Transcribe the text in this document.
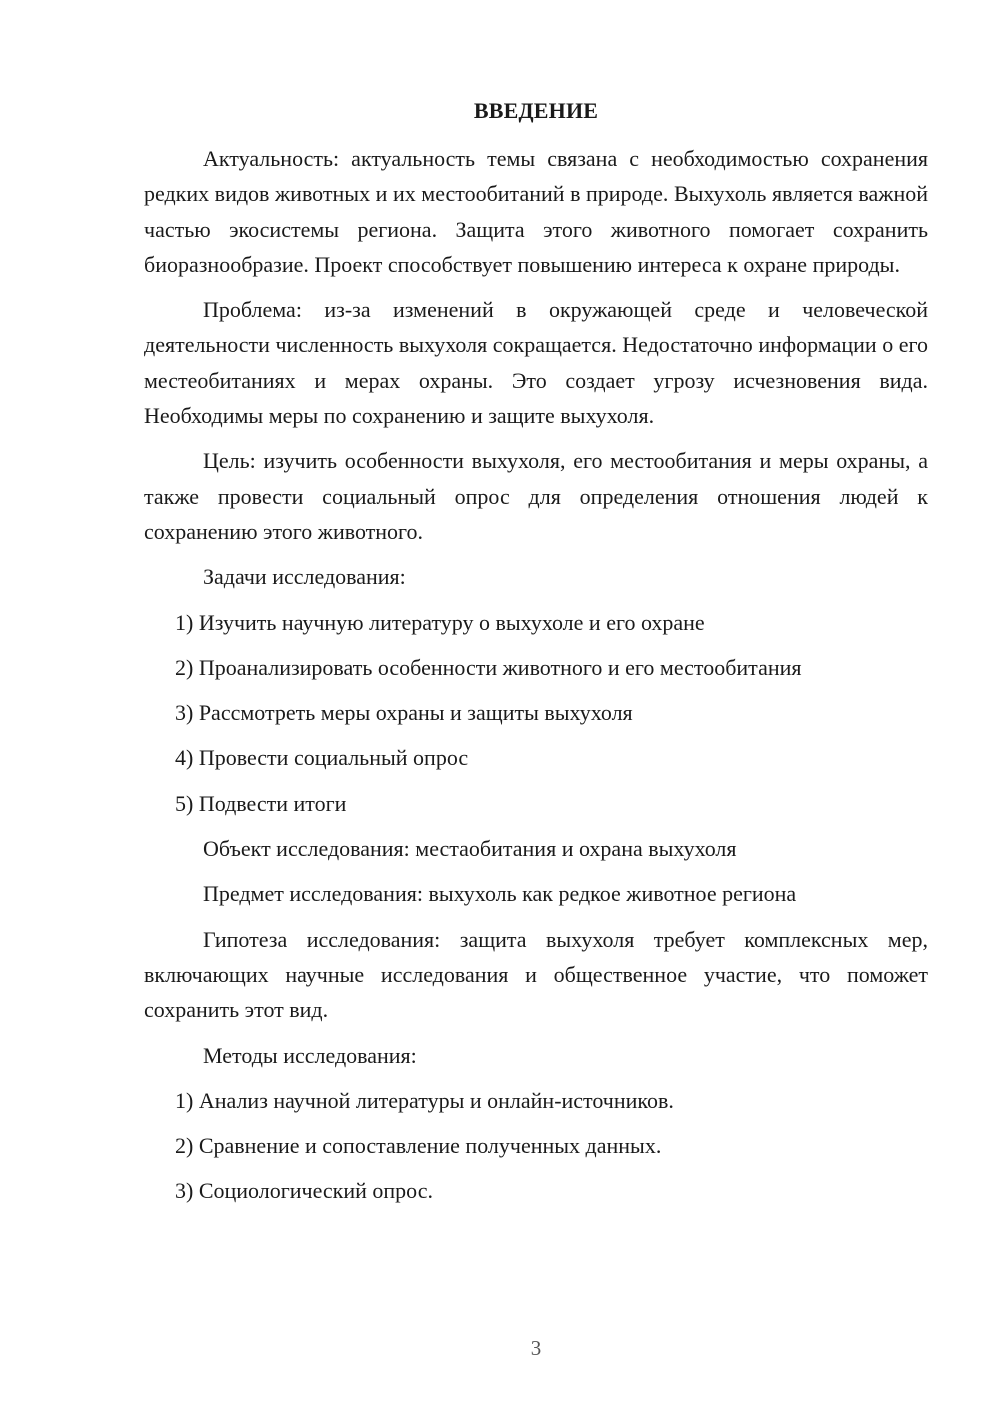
ВВЕДЕНИЕ

Актуальность: актуальность темы связана с необходимостью сохранения редких видов животных и их местообитаний в природе. Выхухоль является важной частью экосистемы региона. Защита этого животного помогает сохранить биоразнообразие. Проект способствует повышению интереса к охране природы.

Проблема: из-за изменений в окружающей среде и человеческой деятельности численность выхухоля сокращается. Недостаточно информации о его местеобитаниях и мерах охраны. Это создает угрозу исчезновения вида. Необходимы меры по сохранению и защите выхухоля.

Цель: изучить особенности выхухоля, его местообитания и меры охраны, а также провести социальный опрос для определения отношения людей к сохранению этого животного.

Задачи исследования:
1) Изучить научную литературу о выхухоле и его охране
2) Проанализировать особенности животного и его местообитания
3) Рассмотреть меры охраны и защиты выхухоля
4) Провести социальный опрос
5) Подвести итоги
Объект исследования: местаобитания и охрана выхухоля
Предмет исследования: выхухоль как редкое животное региона

Гипотеза исследования: защита выхухоля требует комплексных мер, включающих научные исследования и общественное участие, что поможет сохранить этот вид.

Методы исследования:
1) Анализ научной литературы и онлайн-источников.
2) Сравнение и сопоставление полученных данных.
3) Социологический опрос.
3
